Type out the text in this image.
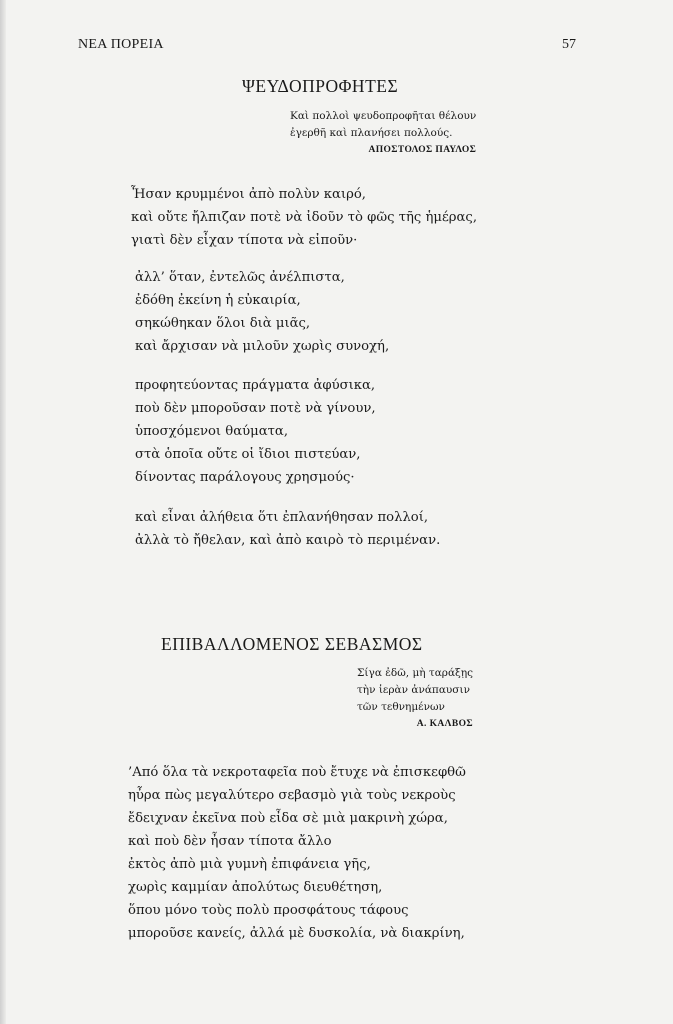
ΝΕΑ ΠΟΡΕΙΑ	57
ΨΕΥΔΟΠΡΟΦΗΤΕΣ
Καὶ πολλοὶ ψευδοπροφῆται θέλουν
ἐγερθῆ καὶ πλανήσει πολλούς.
ΑΠΟΣΤΟΛΟΣ ΠΑΥΛΟΣ
Ἦσαν κρυμμένοι ἀπὸ πολὺν καιρό,
καὶ οὔτε ἤλπιζαν ποτὲ νὰ ἰδοῦν τὸ φῶς τῆς ἡμέρας,
γιατὶ δὲν εἶχαν τίποτα νὰ εἰποῦν·
ἀλλ’ ὅταν, ἐντελῶς ἀνέλπιστα,
ἐδόθη ἐκείνη ἡ εὐκαιρία,
σηκώθηκαν ὅλοι διὰ μιᾶς,
καὶ ἄρχισαν νὰ μιλοῦν χωρὶς συνοχή,
προφητεύοντας πράγματα ἀφύσικα,
ποὺ δὲν μποροῦσαν ποτὲ νὰ γίνουν,
ὑποσχόμενοι θαύματα,
στὰ ὁποῖα οὔτε οἱ ἴδιοι πιστεύαν,
δίνοντας παράλογους χρησμούς·
καὶ εἶναι ἀλήθεια ὅτι ἐπλανήθησαν πολλοί,
ἀλλὰ τὸ ἤθελαν, καὶ ἀπὸ καιρὸ τὸ περιμέναν.
ΕΠΙΒΑΛΛΟΜΕΝΟΣ ΣΕΒΑΣΜΟΣ
Σίγα ἐδῶ, μὴ ταράξῃς
τὴν ἱερὰν ἀνάπαυσιν
τῶν τεθνημένων
Α. ΚΑΛΒΟΣ
’Από ὅλα τὰ νεκροταφεῖα ποὺ ἔτυχε νὰ ἐπισκεφθῶ
ηὖρα πὼς μεγαλύτερο σεβασμὸ γιὰ τοὺς νεκροὺς
ἔδειχναν ἐκεῖνα ποὺ εἶδα σὲ μιὰ μακρινὴ χώρα,
καὶ ποὺ δὲν ἦσαν τίποτα ἄλλο
ἐκτὸς ἀπὸ μιὰ γυμνὴ ἐπιφάνεια γῆς,
χωρὶς καμμίαν ἀπολύτως διευθέτηση,
ὅπου μόνο τοὺς πολὺ προσφάτους τάφους
μποροῦσε κανείς, ἀλλά μὲ δυσκολία, νὰ διακρίνη,
